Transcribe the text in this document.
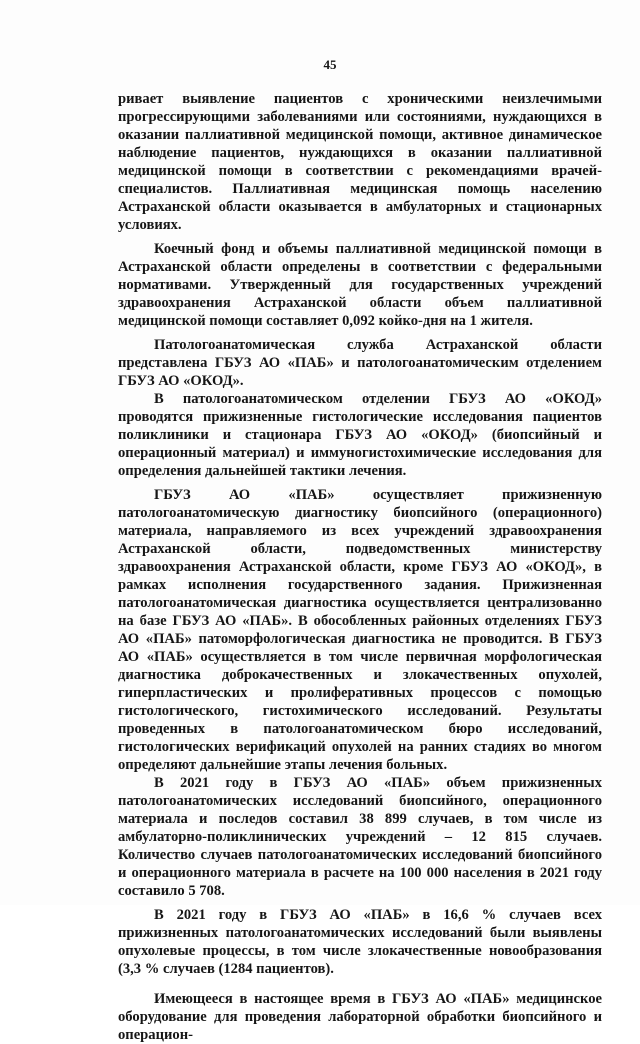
45

ривает выявление пациентов с хроническими неизлечимыми прогрессирующими заболеваниями или состояниями, нуждающихся в оказании паллиативной медицинской помощи, активное динамическое наблюдение пациентов, нуждающихся в оказании паллиативной медицинской помощи в соответствии с рекомендациями врачей-специалистов. Паллиативная медицинская помощь населению Астраханской области оказывается в амбулаторных и стационарных условиях.

Коечный фонд и объемы паллиативной медицинской помощи в Астраханской области определены в соответствии с федеральными нормативами. Утвержденный для государственных учреждений здравоохранения Астраханской области объем паллиативной медицинской помощи составляет 0,092 койко-дня на 1 жителя.

Патологоанатомическая служба Астраханской области представлена ГБУЗ АО «ПАБ» и патологоанатомическим отделением ГБУЗ АО «ОКОД».

В патологоанатомическом отделении ГБУЗ АО «ОКОД» проводятся прижизненные гистологические исследования пациентов поликлиники и стационара ГБУЗ АО «ОКОД» (биопсийный и операционный материал) и иммуногистохимические исследования для определения дальнейшей тактики лечения.

ГБУЗ АО «ПАБ» осуществляет прижизненную патологоанатомическую диагностику биопсийного (операционного) материала, направляемого из всех учреждений здравоохранения Астраханской области, подведомственных министерству здравоохранения Астраханской области, кроме ГБУЗ АО «ОКОД», в рамках исполнения государственного задания. Прижизненная патологоанатомическая диагностика осуществляется централизованно на базе ГБУЗ АО «ПАБ». В обособленных районных отделениях ГБУЗ АО «ПАБ» патоморфологическая диагностика не проводится. В ГБУЗ АО «ПАБ» осуществляется в том числе первичная морфологическая диагностика доброкачественных и злокачественных опухолей, гиперпластических и пролиферативных процессов с помощью гистологического, гистохимического исследований. Результаты проведенных в патологоанатомическом бюро исследований, гистологических верификаций опухолей на ранних стадиях во многом определяют дальнейшие этапы лечения больных.

В 2021 году в ГБУЗ АО «ПАБ» объем прижизненных патологоанатомических исследований биопсийного, операционного материала и последов составил 38 899 случаев, в том числе из амбулаторно-поликлинических учреждений – 12 815 случаев. Количество случаев патологоанатомических исследований биопсийного и операционного материала в расчете на 100 000 населения в 2021 году составило 5 708.

В 2021 году в ГБУЗ АО «ПАБ» в 16,6 % случаев всех прижизненных патологоанатомических исследований были выявлены опухолевые процессы, в том числе злокачественные новообразования (3,3 % случаев (1284 пациентов).

Имеющееся в настоящее время в ГБУЗ АО «ПАБ» медицинское оборудование для проведения лабораторной обработки биопсийного и операцион-
